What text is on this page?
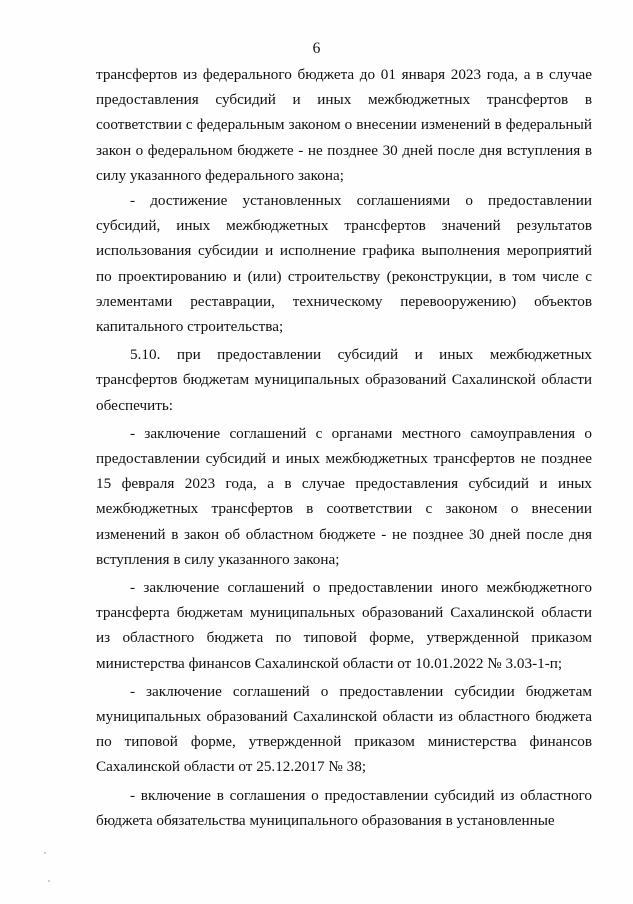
6

трансфертов из федерального бюджета до 01 января 2023 года, а в случае предоставления субсидий и иных межбюджетных трансфертов в соответствии с федеральным законом о внесении изменений в федеральный закон о федеральном бюджете - не позднее 30 дней после дня вступления в силу указанного федерального закона;

- достижение установленных соглашениями о предоставлении субсидий, иных межбюджетных трансфертов значений результатов использования субсидии и исполнение графика выполнения мероприятий по проектированию и (или) строительству (реконструкции, в том числе с элементами реставрации, техническому перевооружению) объектов капитального строительства;

5.10. при предоставлении субсидий и иных межбюджетных трансфертов бюджетам муниципальных образований Сахалинской области обеспечить:

- заключение соглашений с органами местного самоуправления о предоставлении субсидий и иных межбюджетных трансфертов не позднее 15 февраля 2023 года, а в случае предоставления субсидий и иных межбюджетных трансфертов в соответствии с законом о внесении изменений в закон об областном бюджете - не позднее 30 дней после дня вступления в силу указанного закона;

- заключение соглашений о предоставлении иного межбюджетного трансферта бюджетам муниципальных образований Сахалинской области из областного бюджета по типовой форме, утвержденной приказом министерства финансов Сахалинской области от 10.01.2022 № 3.03-1-п;

- заключение соглашений о предоставлении субсидии бюджетам муниципальных образований Сахалинской области из областного бюджета по типовой форме, утвержденной приказом министерства финансов Сахалинской области от 25.12.2017 № 38;

- включение в соглашения о предоставлении субсидий из областного бюджета обязательства муниципального образования в установленные
